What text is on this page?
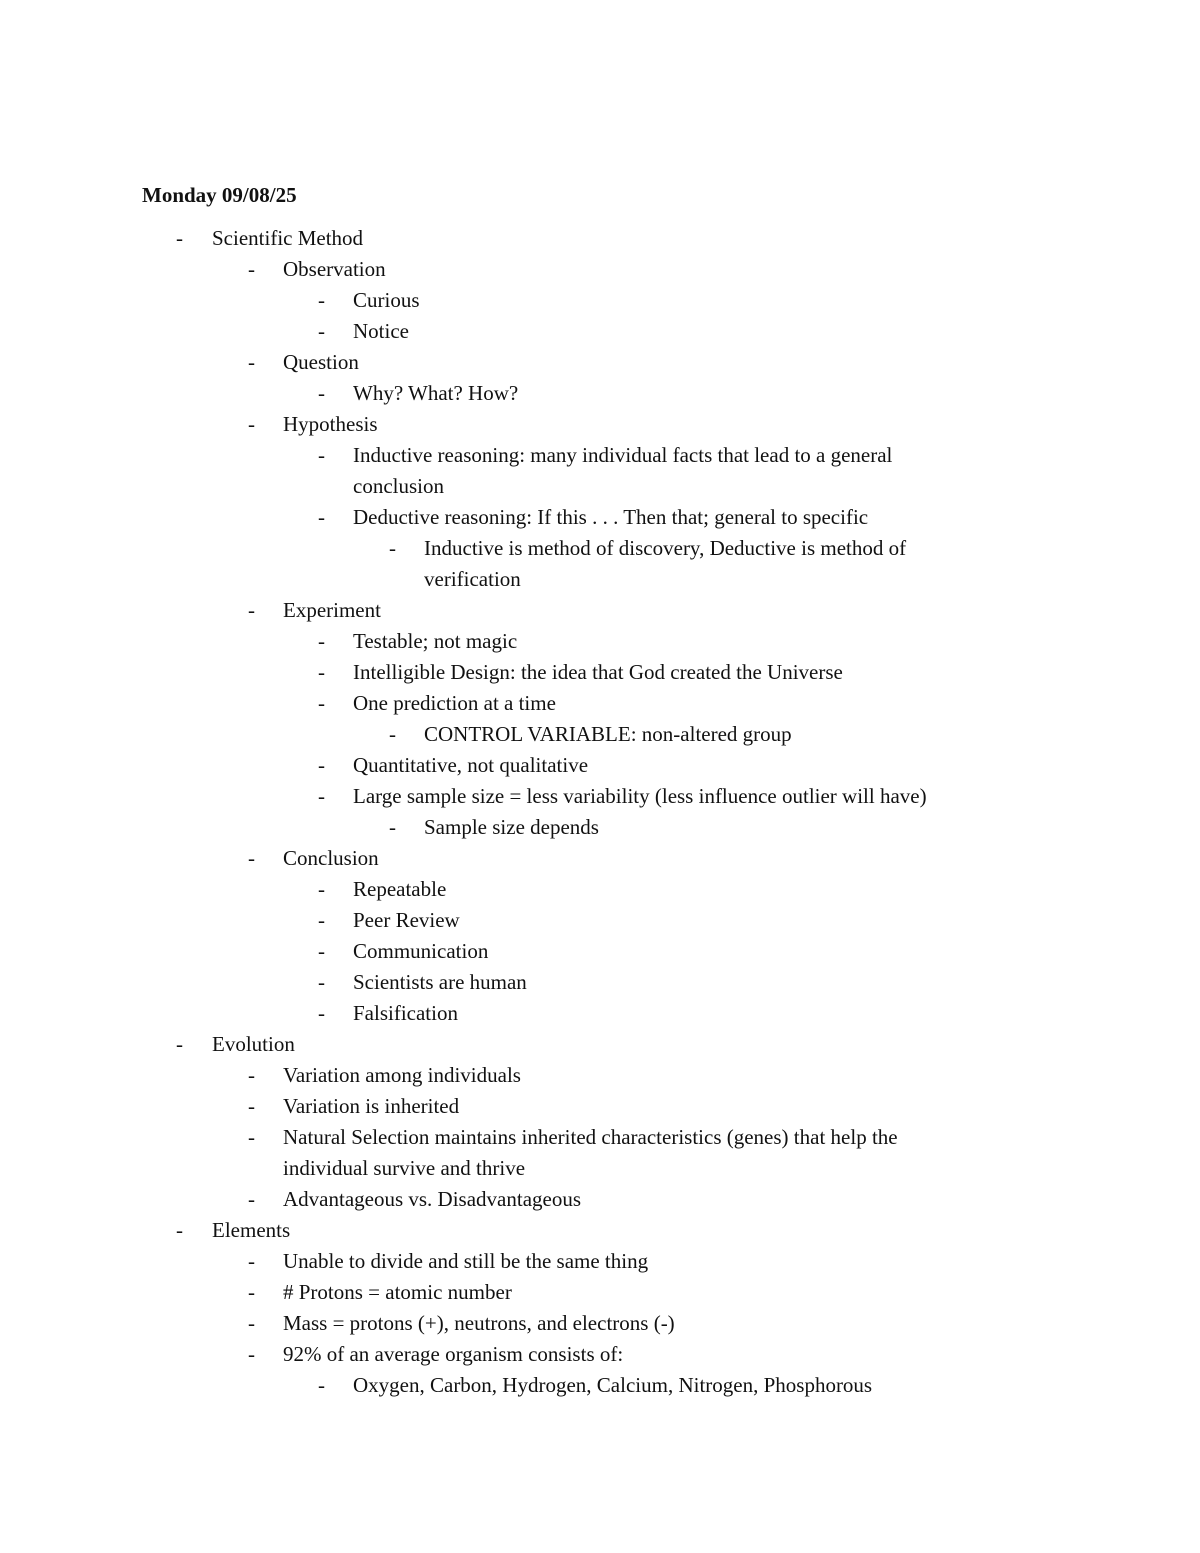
Monday 09/08/25
-	Scientific Method
-	Observation
-	Curious
-	Notice
-	Question
-	Why? What? How?
-	Hypothesis
-	Inductive reasoning: many individual facts that lead to a general
conclusion
-	Deductive reasoning: If this . . . Then that; general to specific
-	Inductive is method of discovery, Deductive is method of
verification
-	Experiment
-	Testable; not magic
-	Intelligible Design: the idea that God created the Universe
-	One prediction at a time
-	CONTROL VARIABLE: non-altered group
-	Quantitative, not qualitative
-	Large sample size = less variability (less influence outlier will have)
-	Sample size depends
-	Conclusion
-	Repeatable
-	Peer Review
-	Communication
-	Scientists are human
-	Falsification
-	Evolution
-	Variation among individuals
-	Variation is inherited
-	Natural Selection maintains inherited characteristics (genes) that help the
individual survive and thrive
-	Advantageous vs. Disadvantageous
-	Elements
-	Unable to divide and still be the same thing
-	# Protons = atomic number
-	Mass = protons (+), neutrons, and electrons (-)
-	92% of an average organism consists of:
-	Oxygen, Carbon, Hydrogen, Calcium, Nitrogen, Phosphorous
